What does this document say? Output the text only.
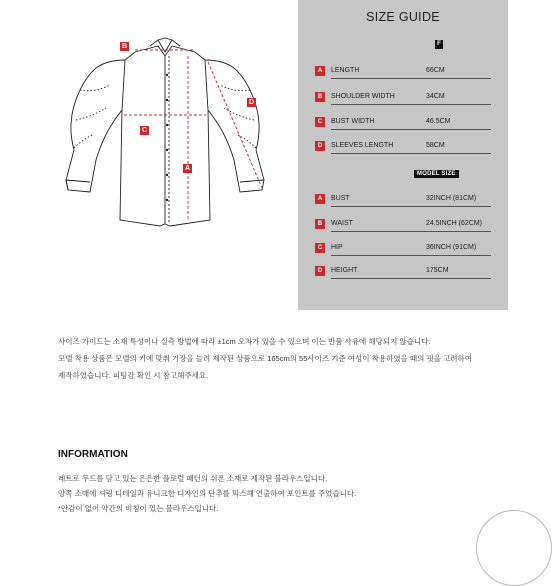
B
C
A
D
SIZE GUIDE
F
A	LENGTH	66CM
B	SHOULDER WIDTH	34CM
C	BUST WIDTH	46.5CM
D	SLEEVES LENGTH	58CM
MODEL SIZE
A	BUST	32INCH (81CM)
B	WAIST	24.5INCH (62CM)
C	HIP	36INCH (91CM)
D	HEIGHT	175CM
사이즈 가이드는 소재 특성이나 실측 방법에 따라 ±1cm 오차가 있을 수 있으며 이는 반품 사유에 해당되지 않습니다.
모델 착용 상품은 모델의 키에 맞춰 기장을 늘려 제작된 상품으로 165cm의 55사이즈 기준 여성이 착용하였을 때의 핏을 고려하여
제작하였습니다. 피팅감 확인 시 참고해주세요.
INFORMATION
레트로 무드를 담고 있는 은은한 플로럴 패턴의 쉬폰 소재로 제작된 블라우스입니다.
양쪽 소매에 셔링 디테일과 유니크한 디자인의 단추를 믹스해 연출하여 포인트를 주었습니다.
*안감이 없어 약간의 비침이 있는 블라우스입니다.
